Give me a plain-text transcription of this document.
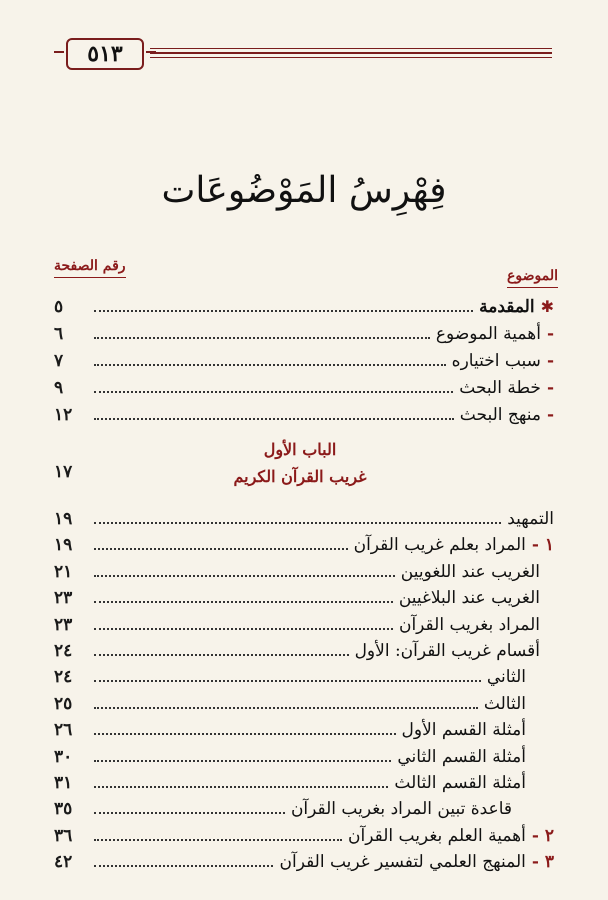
٥١٣
فِهْرِسُ المَوْضُوعَات
الموضوع
رقم الصفحة
✱
المقدمة
٥
-
أهمية الموضوع
٦
-
سبب اختياره
٧
-
خطة البحث
٩
-
منهج البحث
١٢
الباب الأول
غريب القرآن الكريم
١٧
التمهيد
١٩
١ -
المراد بعلم غريب القرآن
١٩
الغريب عند اللغويين
٢١
الغريب عند البلاغيين
٢٣
المراد بغريب القرآن
٢٣
أقسام غريب القرآن: الأول
٢٤
الثاني
٢٤
الثالث
٢٥
أمثلة القسم الأول
٢٦
أمثلة القسم الثاني
٣٠
أمثلة القسم الثالث
٣١
قاعدة تبين المراد بغريب القرآن
٣٥
٢ -
أهمية العلم بغريب القرآن
٣٦
٣ -
المنهج العلمي لتفسير غريب القرآن
٤٢
